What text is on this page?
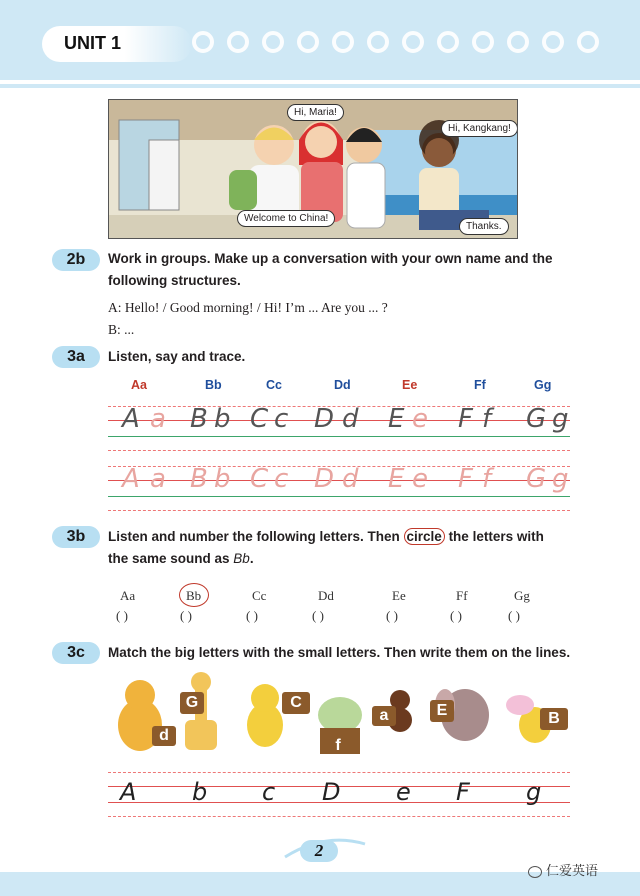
UNIT 1
Hi, Maria!
Hi, Kangkang!
Welcome to China!
Thanks.
2b	Work in groups. Make up a conversation with your own name and the
following structures.
A: Hello! / Good morning! / Hi! I’m ... Are you ... ?
B: ...
3a	Listen, say and trace.
Aa	Bb	Cc	Dd	Ee	Ff	Gg
A a B b C c D d E e F f G g
A a B b C c D d E e F f G g
3b	Listen and number the following letters. Then circle the letters with
the same sound as Bb.
Aa	Bb	Cc	Dd	Ee	Ff	Gg
( )	( )	( )	( )	( )	( )	( )
3c	Match the big letters with the small letters. Then write them on the lines.
d
G	C
f
a	E	B
A b c D e F g
2
仁爱英语
